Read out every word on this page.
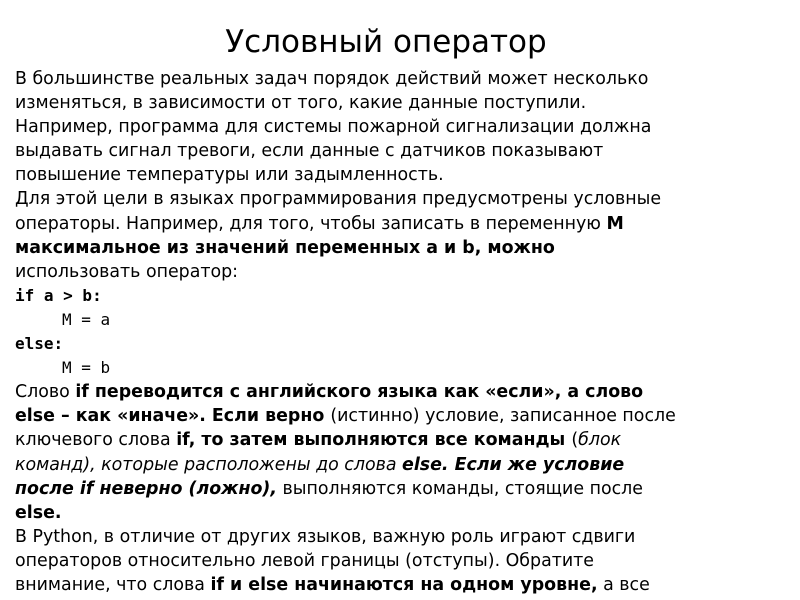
Условный оператор
В большинстве реальных задач порядок действий может несколько
изменяться, в зависимости от того, какие данные поступили.
Например, программа для системы пожарной сигнализации должна
выдавать сигнал тревоги, если данные с датчиков показывают
повышение температуры или задымленность.
Для этой цели в языках программирования предусмотрены условные
операторы. Например, для того, чтобы записать в переменную M
максимальное из значений переменных a и b, можно
использовать оператор:
if a > b:
M = a
else:
M = b
Слово if переводится с английского языка как «если», а слово
else – как «иначе». Если верно (истинно) условие, записанное после
ключевого слова if, то затем выполняются все команды (блок
команд), которые расположены до слова else. Если же условие
после if неверно (ложно), выполняются команды, стоящие после
else.
В Python, в отличие от других языков, важную роль играют сдвиги
операторов относительно левой границы (отступы). Обратите
внимание, что слова if и else начинаются на одном уровне, а все
